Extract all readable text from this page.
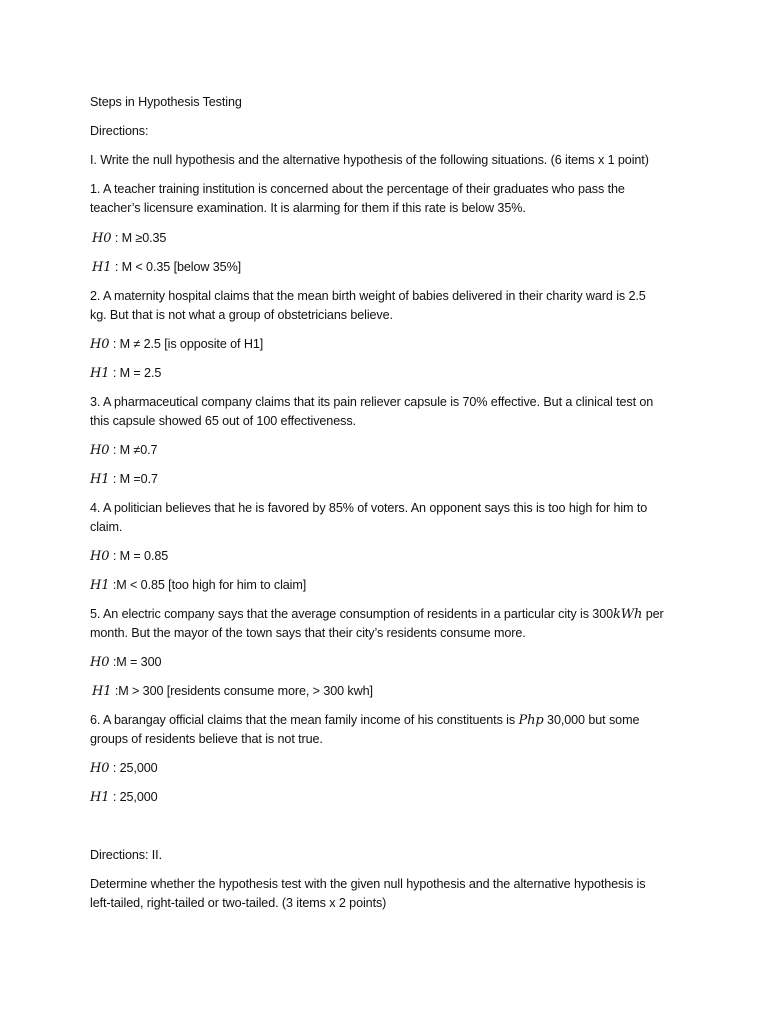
Steps in Hypothesis Testing
Directions:
I. Write the null hypothesis and the alternative hypothesis of the following situations. (6 items x 1 point)
1. A teacher training institution is concerned about the percentage of their graduates who pass the
teacher’s licensure examination. It is alarming for them if this rate is below 35%.
H0 : M ≥0.35
H1 : M < 0.35 [below 35%]
2. A maternity hospital claims that the mean birth weight of babies delivered in their charity ward is 2.5
kg. But that is not what a group of obstetricians believe.
H0 : M ≠ 2.5 [is opposite of H1]
H1 : M = 2.5
3. A pharmaceutical company claims that its pain reliever capsule is 70% effective. But a clinical test on
this capsule showed 65 out of 100 effectiveness.
H0 : M ≠0.7
H1 : M =0.7
4. A politician believes that he is favored by 85% of voters. An opponent says this is too high for him to
claim.
H0 : M = 0.85
H1 :M < 0.85 [too high for him to claim]
5. An electric company says that the average consumption of residents in a particular city is 300kWh per
month. But the mayor of the town says that their city’s residents consume more.
H0 :M = 300
H1 :M > 300 [residents consume more, > 300 kwh]
6. A barangay official claims that the mean family income of his constituents is Php 30,000 but some
groups of residents believe that is not true.
H0 : 25,000
H1 : 25,000
Directions: II.
Determine whether the hypothesis test with the given null hypothesis and the alternative hypothesis is
left-tailed, right-tailed or two-tailed. (3 items x 2 points)
